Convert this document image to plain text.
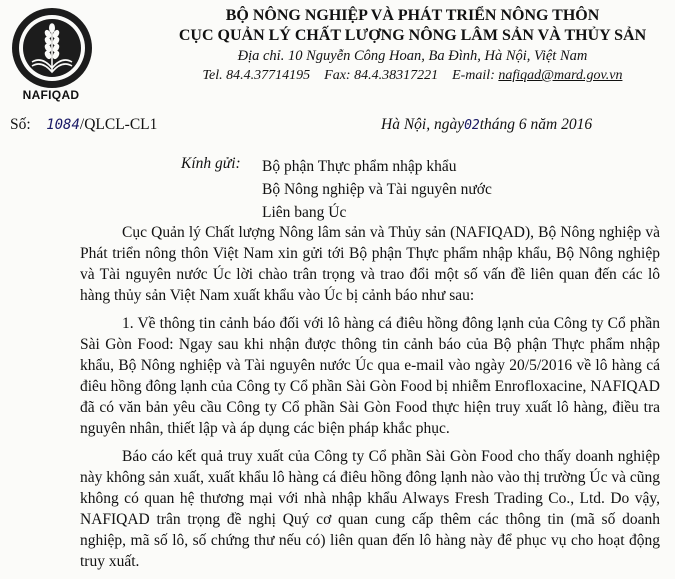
NAFIQAD
BỘ NÔNG NGHIỆP VÀ PHÁT TRIỂN NÔNG THÔN
CỤC QUẢN LÝ CHẤT LƯỢNG NÔNG LÂM SẢN VÀ THỦY SẢN
Địa chỉ. 10 Nguyễn Công Hoan, Ba Đình, Hà Nội, Việt Nam
Tel. 84.4.37714195 Fax: 84.4.38317221 E-mail: nafiqad@mard.gov.vn
Số: 1084/QLCL-CL1	Hà Nội, ngày02tháng 6 năm 2016
Kính gửi: Bộ phận Thực phẩm nhập khẩu
Bộ Nông nghiệp và Tài nguyên nước
Liên bang Úc

Cục Quản lý Chất lượng Nông lâm sản và Thủy sản (NAFIQAD), Bộ Nông nghiệp và Phát triển nông thôn Việt Nam xin gửi tới Bộ phận Thực phẩm nhập khẩu, Bộ Nông nghiệp và Tài nguyên nước Úc lời chào trân trọng và trao đổi một số vấn đề liên quan đến các lô hàng thủy sản Việt Nam xuất khẩu vào Úc bị cảnh báo như sau:

1. Về thông tin cảnh báo đối với lô hàng cá điêu hồng đông lạnh của Công ty Cổ phần Sài Gòn Food: Ngay sau khi nhận được thông tin cảnh báo của Bộ phận Thực phẩm nhập khẩu, Bộ Nông nghiệp và Tài nguyên nước Úc qua e-mail vào ngày 20/5/2016 về lô hàng cá điêu hồng đông lạnh của Công ty Cổ phần Sài Gòn Food bị nhiễm Enrofloxacine, NAFIQAD đã có văn bản yêu cầu Công ty Cổ phần Sài Gòn Food thực hiện truy xuất lô hàng, điều tra nguyên nhân, thiết lập và áp dụng các biện pháp khắc phục.

Báo cáo kết quả truy xuất của Công ty Cổ phần Sài Gòn Food cho thấy doanh nghiệp này không sản xuất, xuất khẩu lô hàng cá điêu hồng đông lạnh nào vào thị trường Úc và cũng không có quan hệ thương mại với nhà nhập khẩu Always Fresh Trading Co., Ltd. Do vậy, NAFIQAD trân trọng đề nghị Quý cơ quan cung cấp thêm các thông tin (mã số doanh nghiệp, mã số lô, số chứng thư nếu có) liên quan đến lô hàng này để phục vụ cho hoạt động truy xuất.
